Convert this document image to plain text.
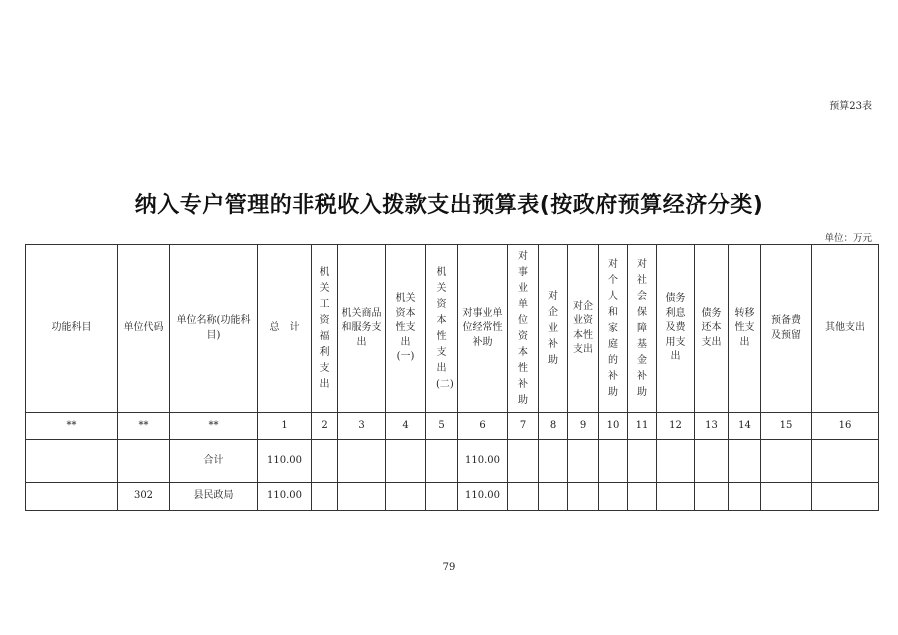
预算23表
纳入专户管理的非税收入拨款支出预算表(按政府预算经济分类)
单位：万元
功能科目	单位代码	单位名称(功能科目)	总　计	机关工资福利支出	机关商品和服务支出	机关资本性支出(一)	机关资本性支出(二)	对事业单位经常性补助	对事业单位资本性补助	对企业补助	对企业资本性支出	对个人和家庭的补助	对社会保障基金补助	债务利息及费用支出	债务还本支出	转移性支出	预备费及预留	其他支出
**	**	**	1	2	3	4	5	6	7	8	9	10	11	12	13	14	15	16
		合计	110.00					110.00										
	302	县民政局	110.00					110.00										
79
